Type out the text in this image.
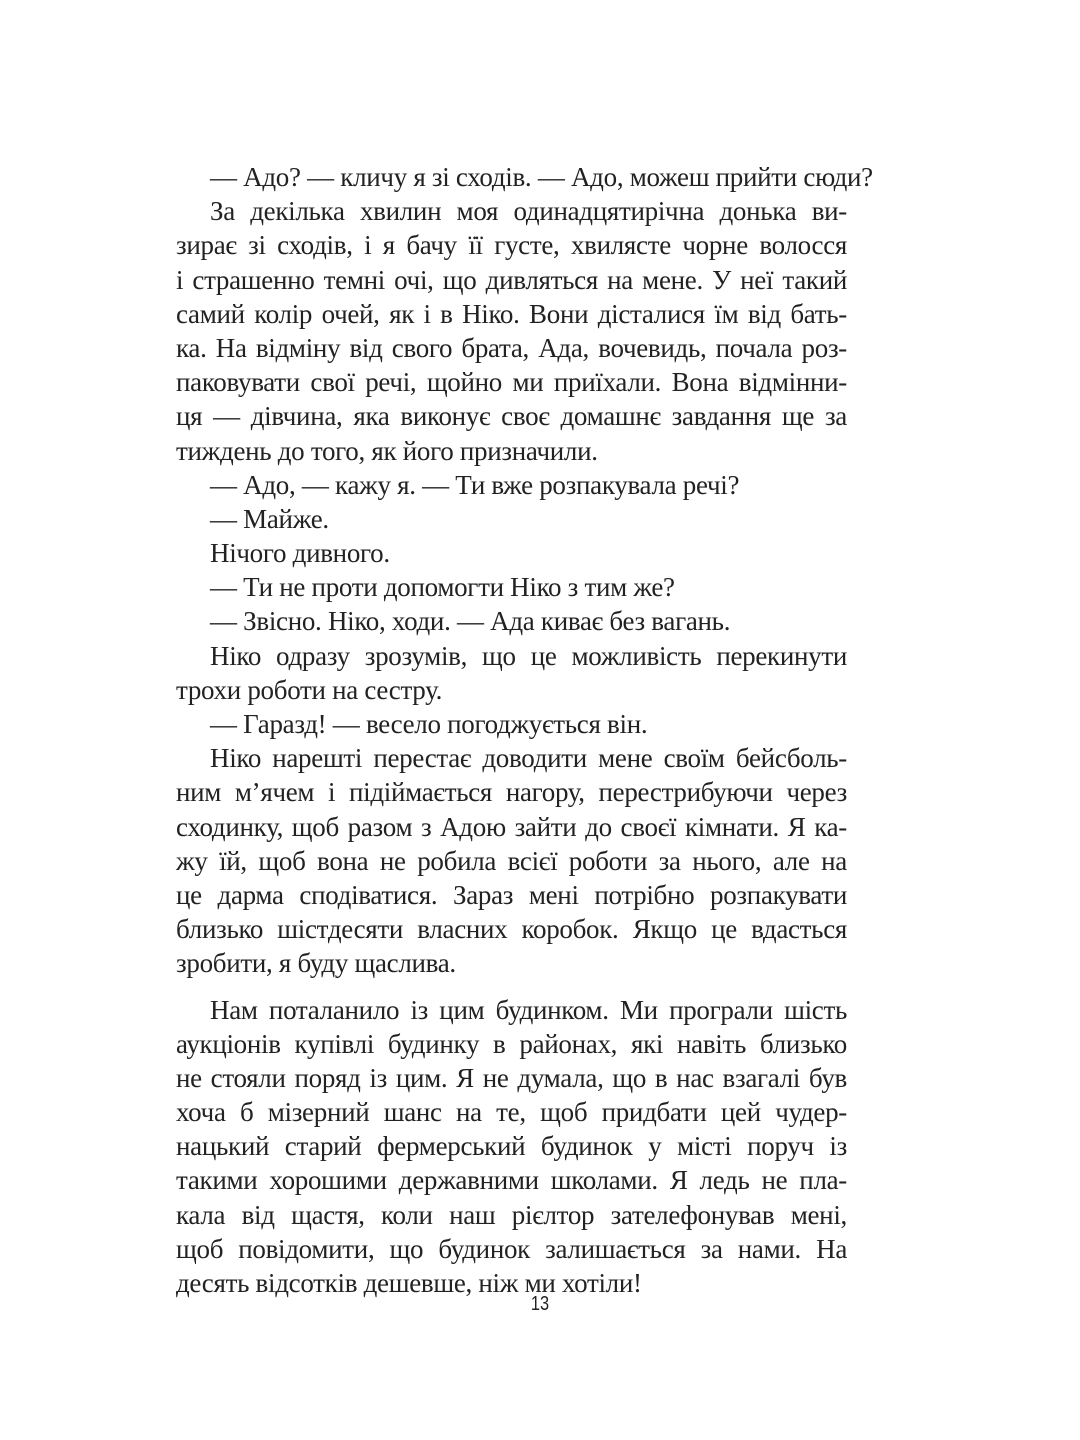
— Адо? — кличу я зі сходів. — Адо, можеш прийти сюди?
За декілька хвилин моя одинадцятирічна донька ви-
зирає зі сходів, і я бачу її густе, хвилясте чорне волосся
і страшенно темні очі, що дивляться на мене. У неї такий
самий колір очей, як і в Ніко. Вони дісталися їм від бать-
ка. На відміну від свого брата, Ада, вочевидь, почала роз-
паковувати свої речі, щойно ми приїхали. Вона відмінни-
ця — дівчина, яка виконує своє домашнє завдання ще за
тиждень до того, як його призначили.
— Адо, — кажу я. — Ти вже розпакувала речі?
— Майже.
Нічого дивного.
— Ти не проти допомогти Ніко з тим же?
— Звісно. Ніко, ходи. — Ада киває без вагань.
Ніко одразу зрозумів, що це можливість перекинути
трохи роботи на сестру.
— Гаразд! — весело погоджується він.
Ніко нарешті перестає доводити мене своїм бейсболь-
ним м’ячем і підіймається нагору, перестрибуючи через
сходинку, щоб разом з Адою зайти до своєї кімнати. Я ка-
жу їй, щоб вона не робила всієї роботи за нього, але на
це дарма сподіватися. Зараз мені потрібно розпакувати
близько шістдесяти власних коробок. Якщо це вдасться
зробити, я буду щаслива.
Нам поталанило із цим будинком. Ми програли шість
аукціонів купівлі будинку в районах, які навіть близько
не стояли поряд із цим. Я не думала, що в нас взагалі був
хоча б мізерний шанс на те, щоб придбати цей чудер-
нацький старий фермерський будинок у місті поруч із
такими хорошими державними школами. Я ледь не пла-
кала від щастя, коли наш рієлтор зателефонував мені,
щоб повідомити, що будинок залишається за нами. На
десять відсотків дешевше, ніж ми хотіли!
13
